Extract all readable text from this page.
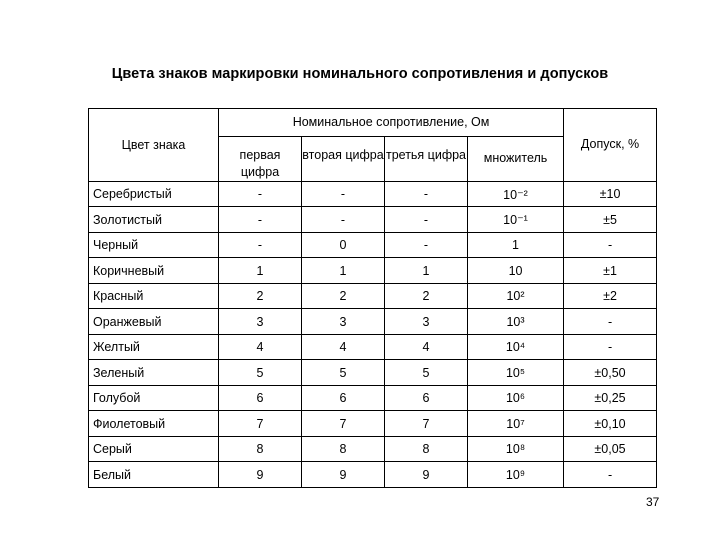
Цвета знаков маркировки номинального сопротивления и допусков
Цвет знака	Номинальное сопротивление, Ом				Допуск, %
	первая цифра	вторая цифра	третья цифра	множитель	
Серебристый	-	-	-	10⁻²	±10
Золотистый	-	-	-	10⁻¹	±5
Черный	-	0	-	1	-
Коричневый	1	1	1	10	±1
Красный	2	2	2	10²	±2
Оранжевый	3	3	3	10³	-
Желтый	4	4	4	10⁴	-
Зеленый	5	5	5	10⁵	±0,50
Голубой	6	6	6	10⁶	±0,25
Фиолетовый	7	7	7	10⁷	±0,10
Серый	8	8	8	10⁸	±0,05
Белый	9	9	9	10⁹	-
37
